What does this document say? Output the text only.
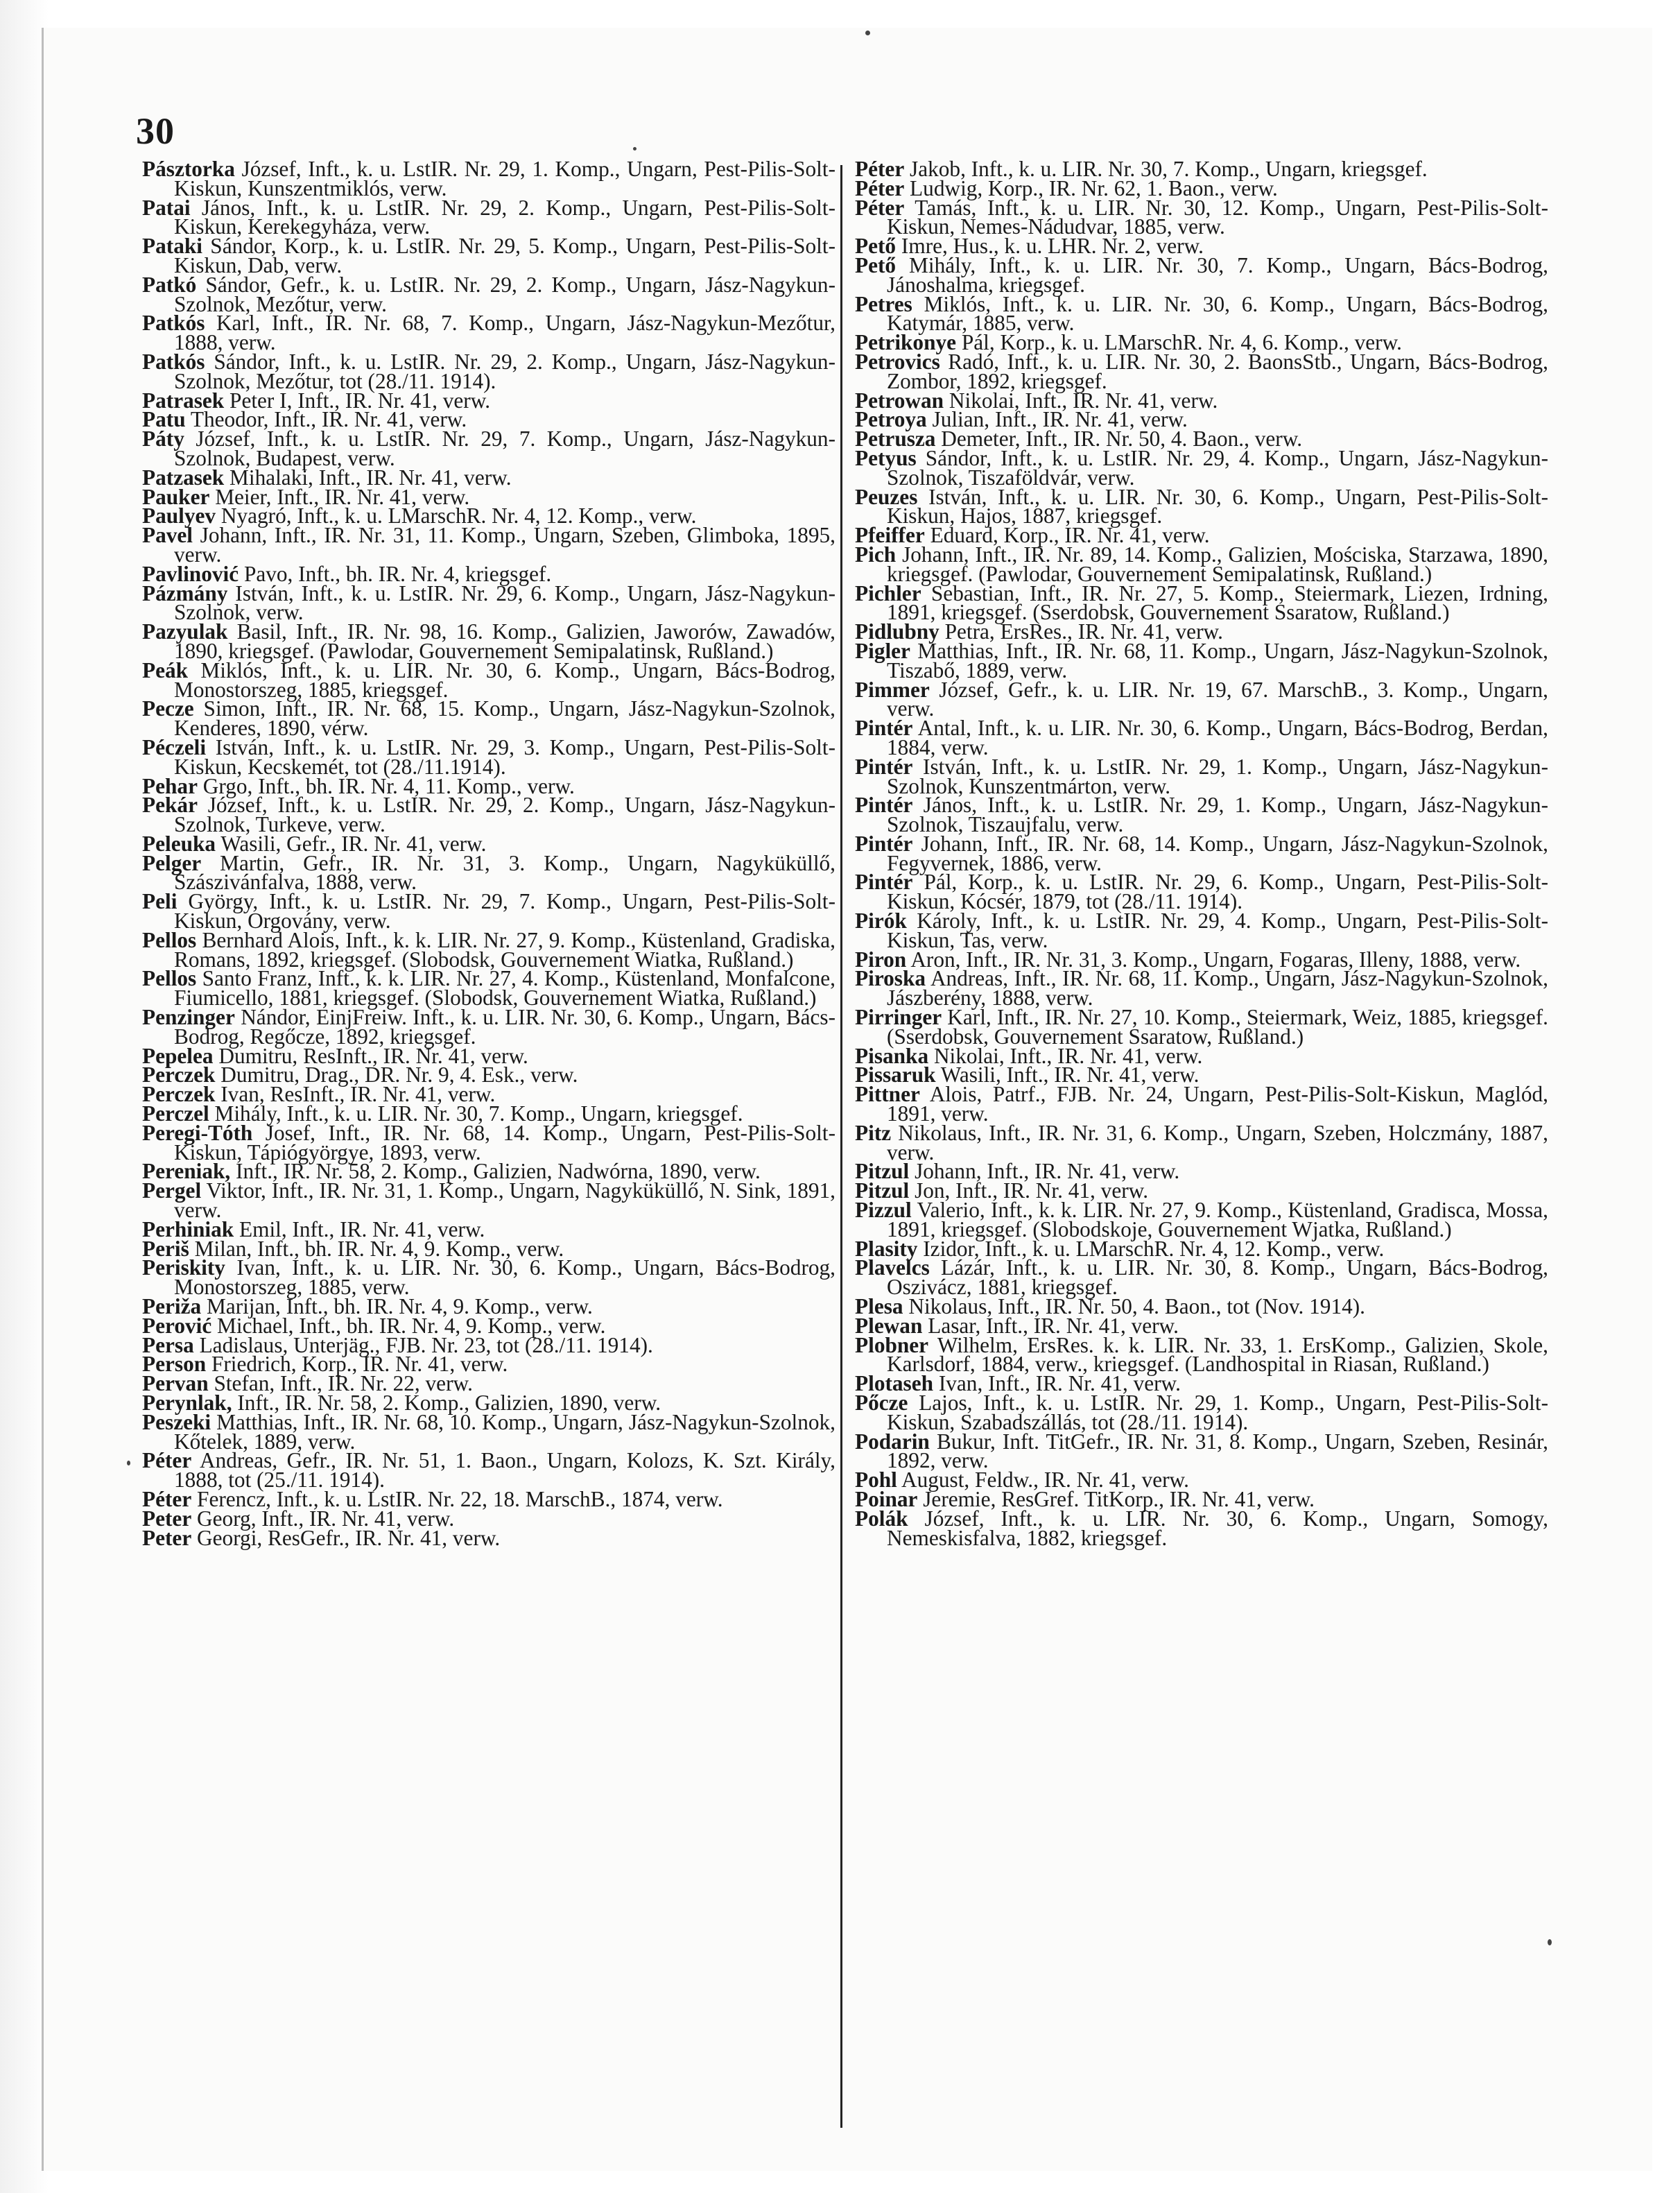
30

Pásztorka József, Inft., k. u. LstIR. Nr. 29, 1. Komp., Ungarn, Pest-Pilis-Solt-Kiskun, Kunszentmiklós, verw.

Patai János, Inft., k. u. LstIR. Nr. 29, 2. Komp., Ungarn, Pest-Pilis-Solt-Kiskun, Kerekegyháza, verw.

Pataki Sándor, Korp., k. u. LstIR. Nr. 29, 5. Komp., Ungarn, Pest-Pilis-Solt-Kiskun, Dab, verw.

Patkó Sándor, Gefr., k. u. LstIR. Nr. 29, 2. Komp., Ungarn, Jász-Nagykun-Szolnok, Mezőtur, verw.

Patkós Karl, Inft., IR. Nr. 68, 7. Komp., Ungarn, Jász-Nagykun-Mezőtur, 1888, verw.

Patkós Sándor, Inft., k. u. LstIR. Nr. 29, 2. Komp., Ungarn, Jász-Nagykun-Szolnok, Mezőtur, tot (28./11. 1914).

Patrasek Peter I, Inft., IR. Nr. 41, verw.

Patu Theodor, Inft., IR. Nr. 41, verw.

Páty József, Inft., k. u. LstIR. Nr. 29, 7. Komp., Ungarn, Jász-Nagykun-Szolnok, Budapest, verw.

Patzasek Mihalaki, Inft., IR. Nr. 41, verw.

Pauker Meier, Inft., IR. Nr. 41, verw.

Paulyev Nyagró, Inft., k. u. LMarschR. Nr. 4, 12. Komp., verw.

Pavel Johann, Inft., IR. Nr. 31, 11. Komp., Ungarn, Szeben, Glimboka, 1895, verw.

Pavlinović Pavo, Inft., bh. IR. Nr. 4, kriegsgef.

Pázmány István, Inft., k. u. LstIR. Nr. 29, 6. Komp., Ungarn, Jász-Nagykun-Szolnok, verw.

Pazyulak Basil, Inft., IR. Nr. 98, 16. Komp., Galizien, Jaworów, Zawadów, 1890, kriegsgef. (Pawlodar, Gouvernement Semipalatinsk, Rußland.)

Peák Miklós, Inft., k. u. LIR. Nr. 30, 6. Komp., Ungarn, Bács-Bodrog, Monostorszeg, 1885, kriegsgef.

Pecze Simon, Inft., IR. Nr. 68, 15. Komp., Ungarn, Jász-Nagykun-Szolnok, Kenderes, 1890, vérw.

Péczeli István, Inft., k. u. LstIR. Nr. 29, 3. Komp., Ungarn, Pest-Pilis-Solt-Kiskun, Kecskemét, tot (28./11.1914).

Pehar Grgo, Inft., bh. IR. Nr. 4, 11. Komp., verw.

Pekár József, Inft., k. u. LstIR. Nr. 29, 2. Komp., Ungarn, Jász-Nagykun-Szolnok, Turkeve, verw.

Peleuka Wasili, Gefr., IR. Nr. 41, verw.

Pelger Martin, Gefr., IR. Nr. 31, 3. Komp., Ungarn, Nagyküküllő, Szászivánfalva, 1888, verw.

Peli György, Inft., k. u. LstIR. Nr. 29, 7. Komp., Ungarn, Pest-Pilis-Solt-Kiskun, Orgovány, verw.

Pellos Bernhard Alois, Inft., k. k. LIR. Nr. 27, 9. Komp., Küstenland, Gradiska, Romans, 1892, kriegsgef. (Slobodsk, Gouvernement Wiatka, Rußland.)

Pellos Santo Franz, Inft., k. k. LIR. Nr. 27, 4. Komp., Küstenland, Monfalcone, Fiumicello, 1881, kriegsgef. (Slobodsk, Gouvernement Wiatka, Rußland.)

Penzinger Nándor, EinjFreiw. Inft., k. u. LIR. Nr. 30, 6. Komp., Ungarn, Bács-Bodrog, Regőcze, 1892, kriegsgef.

Pepelea Dumitru, ResInft., IR. Nr. 41, verw.

Perczek Dumitru, Drag., DR. Nr. 9, 4. Esk., verw.

Perczek Ivan, ResInft., IR. Nr. 41, verw.

Perczel Mihály, Inft., k. u. LIR. Nr. 30, 7. Komp., Ungarn, kriegsgef.

Peregi-Tóth Josef, Inft., IR. Nr. 68, 14. Komp., Ungarn, Pest-Pilis-Solt-Kiskun, Tápiógyörgye, 1893, verw.

Pereniak, Inft., IR. Nr. 58, 2. Komp., Galizien, Nadwórna, 1890, verw.

Pergel Viktor, Inft., IR. Nr. 31, 1. Komp., Ungarn, Nagyküküllő, N. Sink, 1891, verw.

Perhiniak Emil, Inft., IR. Nr. 41, verw.

Periš Milan, Inft., bh. IR. Nr. 4, 9. Komp., verw.

Periskity Ivan, Inft., k. u. LIR. Nr. 30, 6. Komp., Ungarn, Bács-Bodrog, Monostorszeg, 1885, verw.

Periža Marijan, Inft., bh. IR. Nr. 4, 9. Komp., verw.

Perović Michael, Inft., bh. IR. Nr. 4, 9. Komp., verw.

Persa Ladislaus, Unterjäg., FJB. Nr. 23, tot (28./11. 1914).

Person Friedrich, Korp., IR. Nr. 41, verw.

Pervan Stefan, Inft., IR. Nr. 22, verw.

Perynlak, Inft., IR. Nr. 58, 2. Komp., Galizien, 1890, verw.

Peszeki Matthias, Inft., IR. Nr. 68, 10. Komp., Ungarn, Jász-Nagykun-Szolnok, Kőtelek, 1889, verw.

Péter Andreas, Gefr., IR. Nr. 51, 1. Baon., Ungarn, Kolozs, K. Szt. Király, 1888, tot (25./11. 1914).

Péter Ferencz, Inft., k. u. LstIR. Nr. 22, 18. MarschB., 1874, verw.

Peter Georg, Inft., IR. Nr. 41, verw.

Peter Georgi, ResGefr., IR. Nr. 41, verw.

Péter Jakob, Inft., k. u. LIR. Nr. 30, 7. Komp., Ungarn, kriegsgef.

Péter Ludwig, Korp., IR. Nr. 62, 1. Baon., verw.

Péter Tamás, Inft., k. u. LIR. Nr. 30, 12. Komp., Ungarn, Pest-Pilis-Solt-Kiskun, Nemes-Nádudvar, 1885, verw.

Pető Imre, Hus., k. u. LHR. Nr. 2, verw.

Pető Mihály, Inft., k. u. LIR. Nr. 30, 7. Komp., Ungarn, Bács-Bodrog, Jánoshalma, kriegsgef.

Petres Miklós, Inft., k. u. LIR. Nr. 30, 6. Komp., Ungarn, Bács-Bodrog, Katymár, 1885, verw.

Petrikonye Pál, Korp., k. u. LMarschR. Nr. 4, 6. Komp., verw.

Petrovics Radó, Inft., k. u. LIR. Nr. 30, 2. BaonsStb., Ungarn, Bács-Bodrog, Zombor, 1892, kriegsgef.

Petrowan Nikolai, Inft., IR. Nr. 41, verw.

Petroya Julian, Inft., IR. Nr. 41, verw.

Petrusza Demeter, Inft., IR. Nr. 50, 4. Baon., verw.

Petyus Sándor, Inft., k. u. LstIR. Nr. 29, 4. Komp., Ungarn, Jász-Nagykun-Szolnok, Tiszaföldvár, verw.

Peuzes István, Inft., k. u. LIR. Nr. 30, 6. Komp., Ungarn, Pest-Pilis-Solt-Kiskun, Hajos, 1887, kriegsgef.

Pfeiffer Eduard, Korp., IR. Nr. 41, verw.

Pich Johann, Inft., IR. Nr. 89, 14. Komp., Galizien, Mościska, Starzawa, 1890, kriegsgef. (Pawlodar, Gouvernement Semipalatinsk, Rußland.)

Pichler Sebastian, Inft., IR. Nr. 27, 5. Komp., Steiermark, Liezen, Irdning, 1891, kriegsgef. (Sserdobsk, Gouvernement Ssaratow, Rußland.)

Pidlubny Petra, ErsRes., IR. Nr. 41, verw.

Pigler Matthias, Inft., IR. Nr. 68, 11. Komp., Ungarn, Jász-Nagykun-Szolnok, Tiszabő, 1889, verw.

Pimmer József, Gefr., k. u. LIR. Nr. 19, 67. MarschB., 3. Komp., Ungarn, verw.

Pintér Antal, Inft., k. u. LIR. Nr. 30, 6. Komp., Ungarn, Bács-Bodrog, Berdan, 1884, verw.

Pintér István, Inft., k. u. LstIR. Nr. 29, 1. Komp., Ungarn, Jász-Nagykun-Szolnok, Kunszentmárton, verw.

Pintér János, Inft., k. u. LstIR. Nr. 29, 1. Komp., Ungarn, Jász-Nagykun-Szolnok, Tiszaujfalu, verw.

Pintér Johann, Inft., IR. Nr. 68, 14. Komp., Ungarn, Jász-Nagykun-Szolnok, Fegyvernek, 1886, verw.

Pintér Pál, Korp., k. u. LstIR. Nr. 29, 6. Komp., Ungarn, Pest-Pilis-Solt-Kiskun, Kócsér, 1879, tot (28./11. 1914).

Pirók Károly, Inft., k. u. LstIR. Nr. 29, 4. Komp., Ungarn, Pest-Pilis-Solt-Kiskun, Tas, verw.

Piron Aron, Inft., IR. Nr. 31, 3. Komp., Ungarn, Fogaras, Illeny, 1888, verw.

Piroska Andreas, Inft., IR. Nr. 68, 11. Komp., Ungarn, Jász-Nagykun-Szolnok, Jászberény, 1888, verw.

Pirringer Karl, Inft., IR. Nr. 27, 10. Komp., Steiermark, Weiz, 1885, kriegsgef. (Sserdobsk, Gouvernement Ssaratow, Rußland.)

Pisanka Nikolai, Inft., IR. Nr. 41, verw.

Pissaruk Wasili, Inft., IR. Nr. 41, verw.

Pittner Alois, Patrf., FJB. Nr. 24, Ungarn, Pest-Pilis-Solt-Kiskun, Maglód, 1891, verw.

Pitz Nikolaus, Inft., IR. Nr. 31, 6. Komp., Ungarn, Szeben, Holczmány, 1887, verw.

Pitzul Johann, Inft., IR. Nr. 41, verw.

Pitzul Jon, Inft., IR. Nr. 41, verw.

Pizzul Valerio, Inft., k. k. LIR. Nr. 27, 9. Komp., Küstenland, Gradisca, Mossa, 1891, kriegsgef. (Slobodskoje, Gouvernement Wjatka, Rußland.)

Plasity Izidor, Inft., k. u. LMarschR. Nr. 4, 12. Komp., verw.

Plavelcs Lázár, Inft., k. u. LIR. Nr. 30, 8. Komp., Ungarn, Bács-Bodrog, Oszivácz, 1881, kriegsgef.

Plesa Nikolaus, Inft., IR. Nr. 50, 4. Baon., tot (Nov. 1914).

Plewan Lasar, Inft., IR. Nr. 41, verw.

Plobner Wilhelm, ErsRes. k. k. LIR. Nr. 33, 1. ErsKomp., Galizien, Skole, Karlsdorf, 1884, verw., kriegsgef. (Landhospital in Riasan, Rußland.)

Plotaseh Ivan, Inft., IR. Nr. 41, verw.

Pőcze Lajos, Inft., k. u. LstIR. Nr. 29, 1. Komp., Ungarn, Pest-Pilis-Solt-Kiskun, Szabadszállás, tot (28./11. 1914).

Podarin Bukur, Inft. TitGefr., IR. Nr. 31, 8. Komp., Ungarn, Szeben, Resinár, 1892, verw.

Pohl August, Feldw., IR. Nr. 41, verw.

Poinar Jeremie, ResGref. TitKorp., IR. Nr. 41, verw.

Polák József, Inft., k. u. LIR. Nr. 30, 6. Komp., Ungarn, Somogy, Nemeskisfalva, 1882, kriegsgef.
